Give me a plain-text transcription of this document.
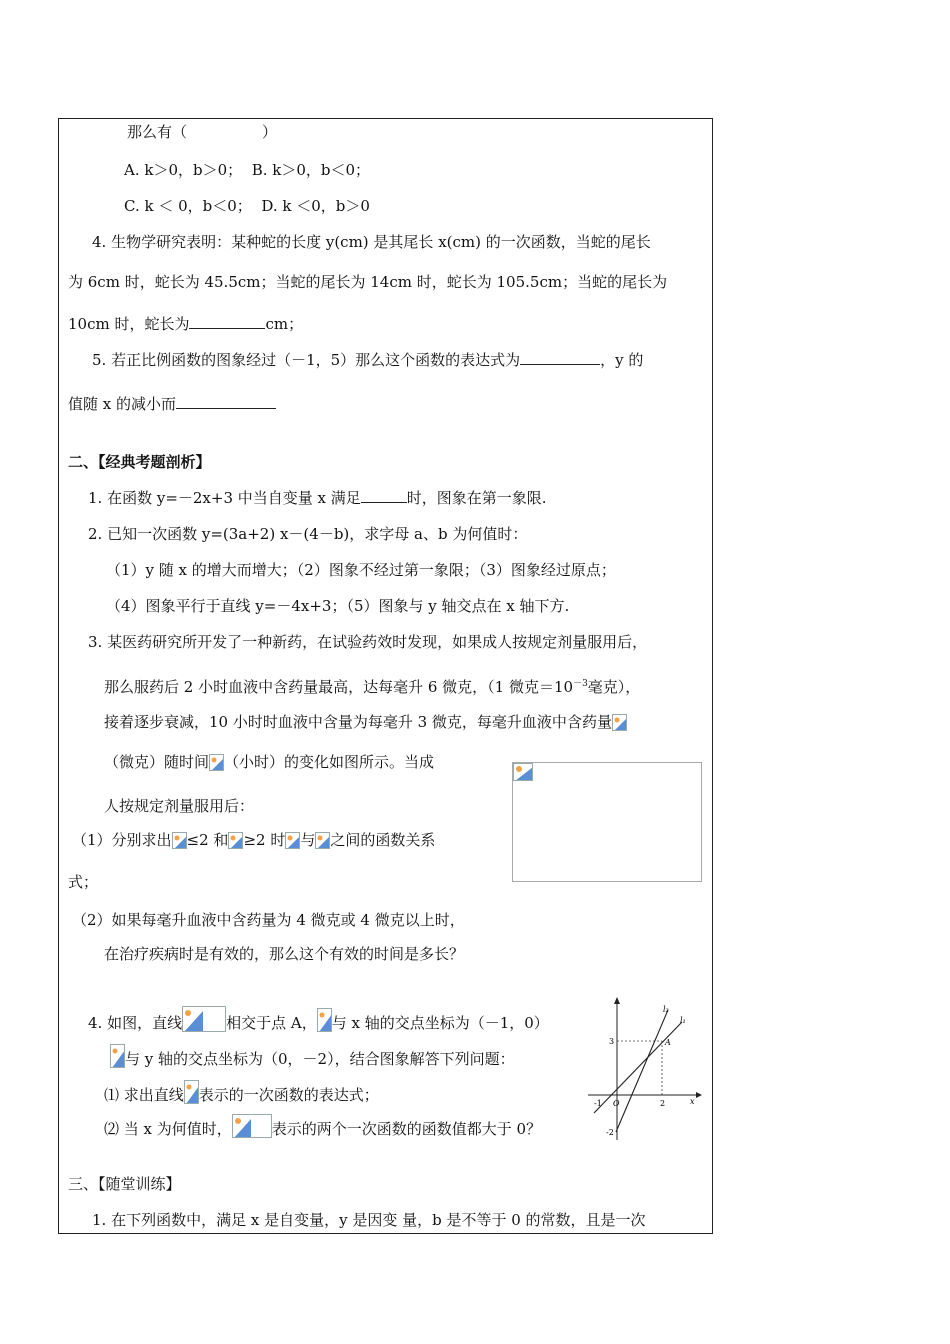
那么有（　　　　　）
A. k＞0，b＞0； B. k＞0，b＜0；
C. k ＜ 0，b＜0； D. k ＜0，b＞0
4. 生物学研究表明：某种蛇的长度 y(cm) 是其尾长 x(cm) 的一次函数，当蛇的尾长
为 6cm 时，蛇长为 45.5cm；当蛇的尾长为 14cm 时，蛇长为 105.5cm；当蛇的尾长为
10cm 时，蛇长为	cm；
5. 若正比例函数的图象经过（－1，5）那么这个函数的表达式为	，y 的
值随 x 的减小而
二、【经典考题剖析】
1. 在函数 y=－2x+3 中当自变量 x 满足	时，图象在第一象限.
2. 已知一次函数 y=(3a+2) x－(4－b)，求字母 a、b 为何值时：
（1）y 随 x 的增大而增大；（2）图象不经过第一象限；（3）图象经过原点；
（4）图象平行于直线 y=－4x+3；（5）图象与 y 轴交点在 x 轴下方.
3. 某医药研究所开发了一种新药，在试验药效时发现，如果成人按规定剂量服用后，
那么服药后 2 小时血液中含药量最高，达每毫升 6 微克，（1 微克$=10^{-3}$毫克），
接着逐步衰减，10 小时时血液中含量为每毫升 3 微克，每毫升血液中含药量
（微克）随时间 （小时）的变化如图所示。当成
人按规定剂量服用后：
（1）分别求出 ≤2 和 ≥2 时 与 之间的函数关系
式；
（2）如果每毫升血液中含药量为 4 微克或 4 微克以上时，
在治疗疾病时是有效的，那么这个有效的时间是多长？
4. 如图，直线	相交于点 A， 与 x 轴的交点坐标为（－1，0）
与 y 轴的交点坐标为（0，－2），结合图象解答下列问题：
⑴ 求出直线 表示的一次函数的表达式；
⑵ 当 x 为何值时，	表示的两个一次函数的函数值都大于 0？
l₂
l₁
A
3
-1 O	2
-2
x
三、【随堂训练】
1. 在下列函数中，满足 x 是自变量，y 是因变 量，b 是不等于 0 的常数，且是一次
